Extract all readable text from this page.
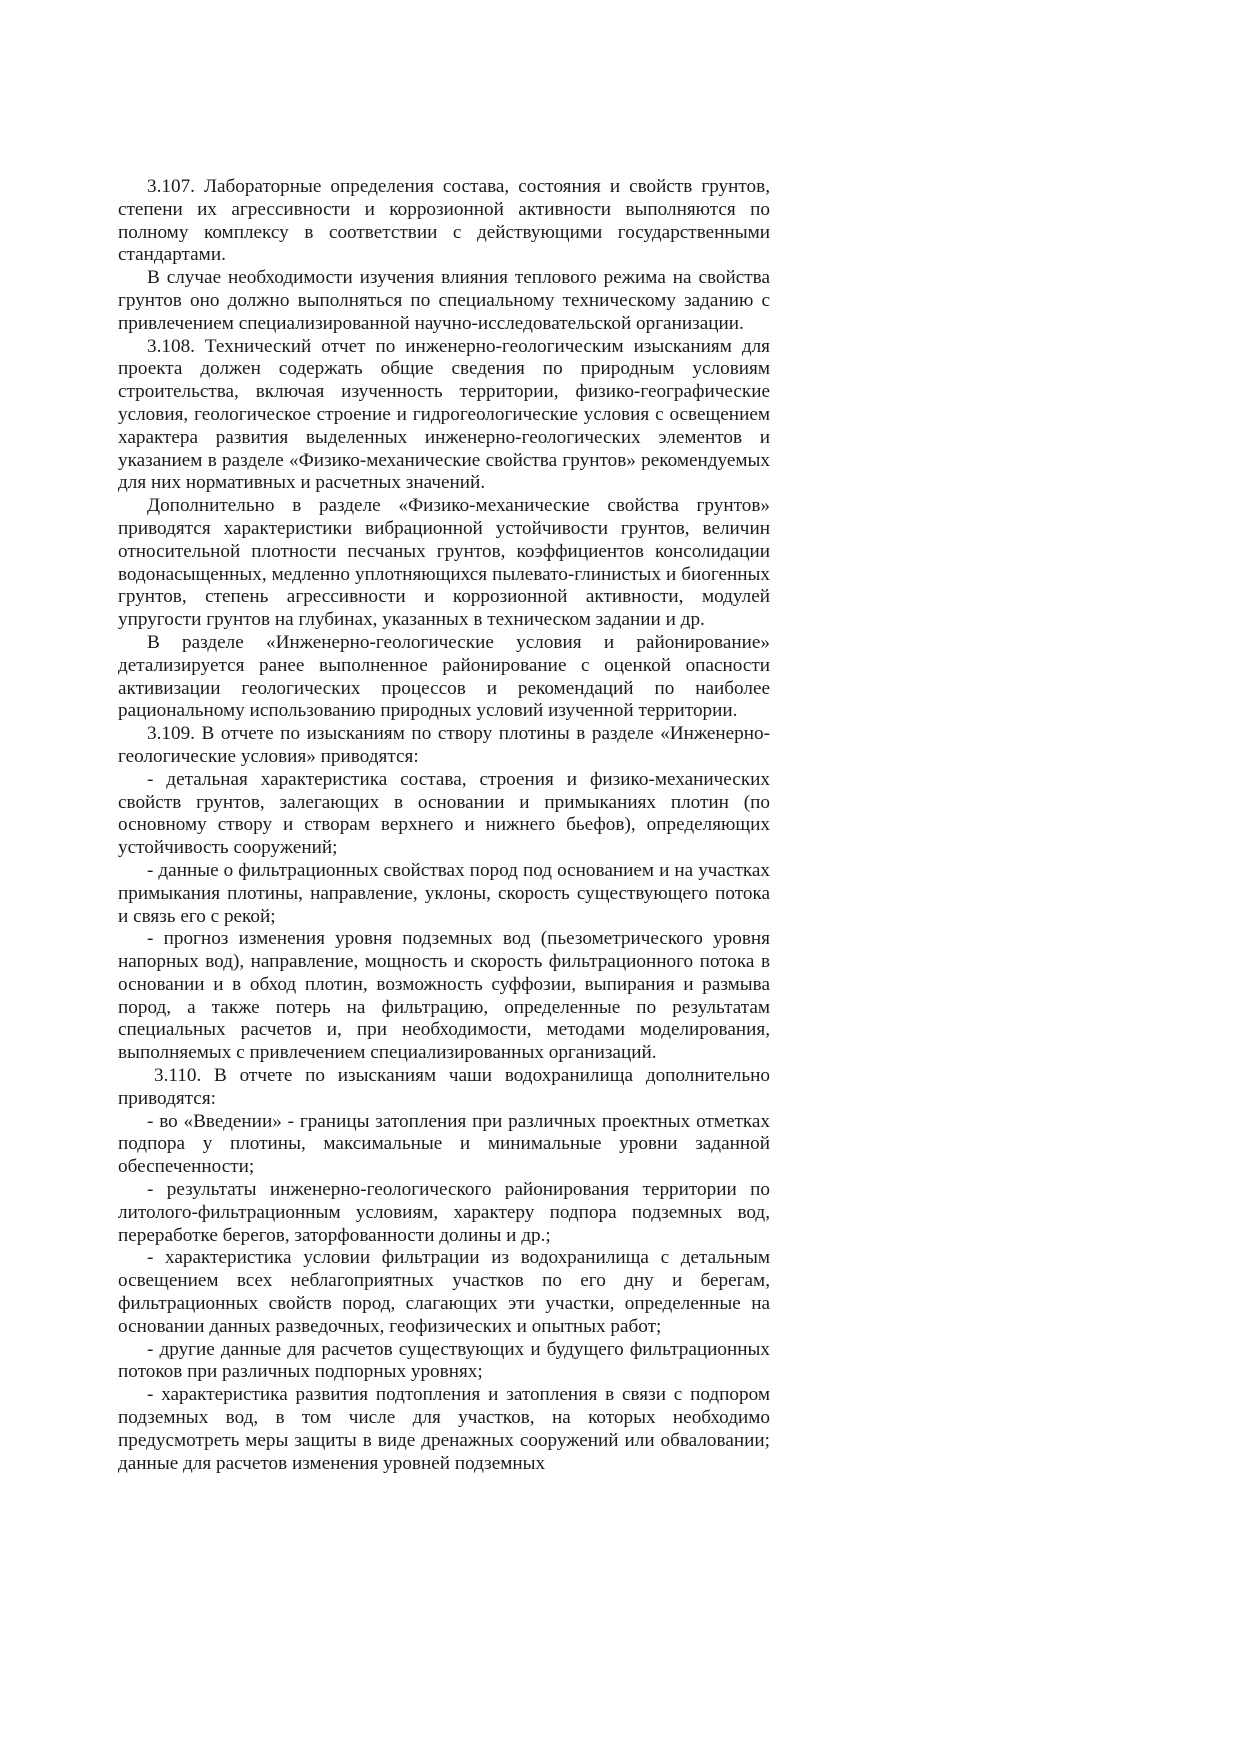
3.107. Лабораторные определения состава, состояния и свойств грунтов, степени их агрессивности и коррозионной активности выполняются по полному комплексу в соответствии с действующими государственными стандартами.

В случае необходимости изучения влияния теплового режима на свойства грунтов оно должно выполняться по специальному техническому заданию с привлечением специализированной научно-исследовательской организации.

3.108. Технический отчет по инженерно-геологическим изысканиям для проекта должен содержать общие сведения по природным условиям строительства, включая изученность территории, физико-географические условия, геологическое строение и гидрогеологические условия с освещением характера развития выделенных инженерно-геологических элементов и указанием в разделе «Физико-механические свойства грунтов» рекомендуемых для них нормативных и расчетных значений.

Дополнительно в разделе «Физико-механические свойства грунтов» приводятся характеристики вибрационной устойчивости грунтов, величин относительной плотности песчаных грунтов, коэффициентов консолидации водонасыщенных, медленно уплотняющихся пылевато-глинистых и биогенных грунтов, степень агрессивности и коррозионной активности, модулей упругости грунтов на глубинах, указанных в техническом задании и др.

В разделе «Инженерно-геологические условия и районирование» детализируется ранее выполненное районирование с оценкой опасности активизации геологических процессов и рекомендаций по наиболее рациональному использованию природных условий изученной территории.

3.109. В отчете по изысканиям по створу плотины в разделе «Инженерно-геологические условия» приводятся:

- детальная характеристика состава, строения и физико-механических свойств грунтов, залегающих в основании и примыканиях плотин (по основному створу и створам верхнего и нижнего бьефов), определяющих устойчивость сооружений;

- данные о фильтрационных свойствах пород под основанием и на участках примыкания плотины, направление, уклоны, скорость существующего потока и связь его с рекой;

- прогноз изменения уровня подземных вод (пьезометрического уровня напорных вод), направление, мощность и скорость фильтрационного потока в основании и в обход плотин, возможность суффозии, выпирания и размыва пород, а также потерь на фильтрацию, определенные по результатам специальных расчетов и, при необходимости, методами моделирования, выполняемых с привлечением специализированных организаций.

3.110. В отчете по изысканиям чаши водохранилища дополнительно приводятся:

- во «Введении» - границы затопления при различных проектных отметках подпора у плотины, максимальные и минимальные уровни заданной обеспеченности;

- результаты инженерно-геологического районирования территории по литолого-фильтрационным условиям, характеру подпора подземных вод, переработке берегов, заторфованности долины и др.;

- характеристика условии фильтрации из водохранилища с детальным освещением всех неблагоприятных участков по его дну и берегам, фильтрационных свойств пород, слагающих эти участки, определенные на основании данных разведочных, геофизических и опытных работ;

- другие данные для расчетов существующих и будущего фильтрационных потоков при различных подпорных уровнях;

- характеристика развития подтопления и затопления в связи с подпором подземных вод, в том числе для участков, на которых необходимо предусмотреть меры защиты в виде дренажных сооружений или обваловании; данные для расчетов изменения уровней подземных
